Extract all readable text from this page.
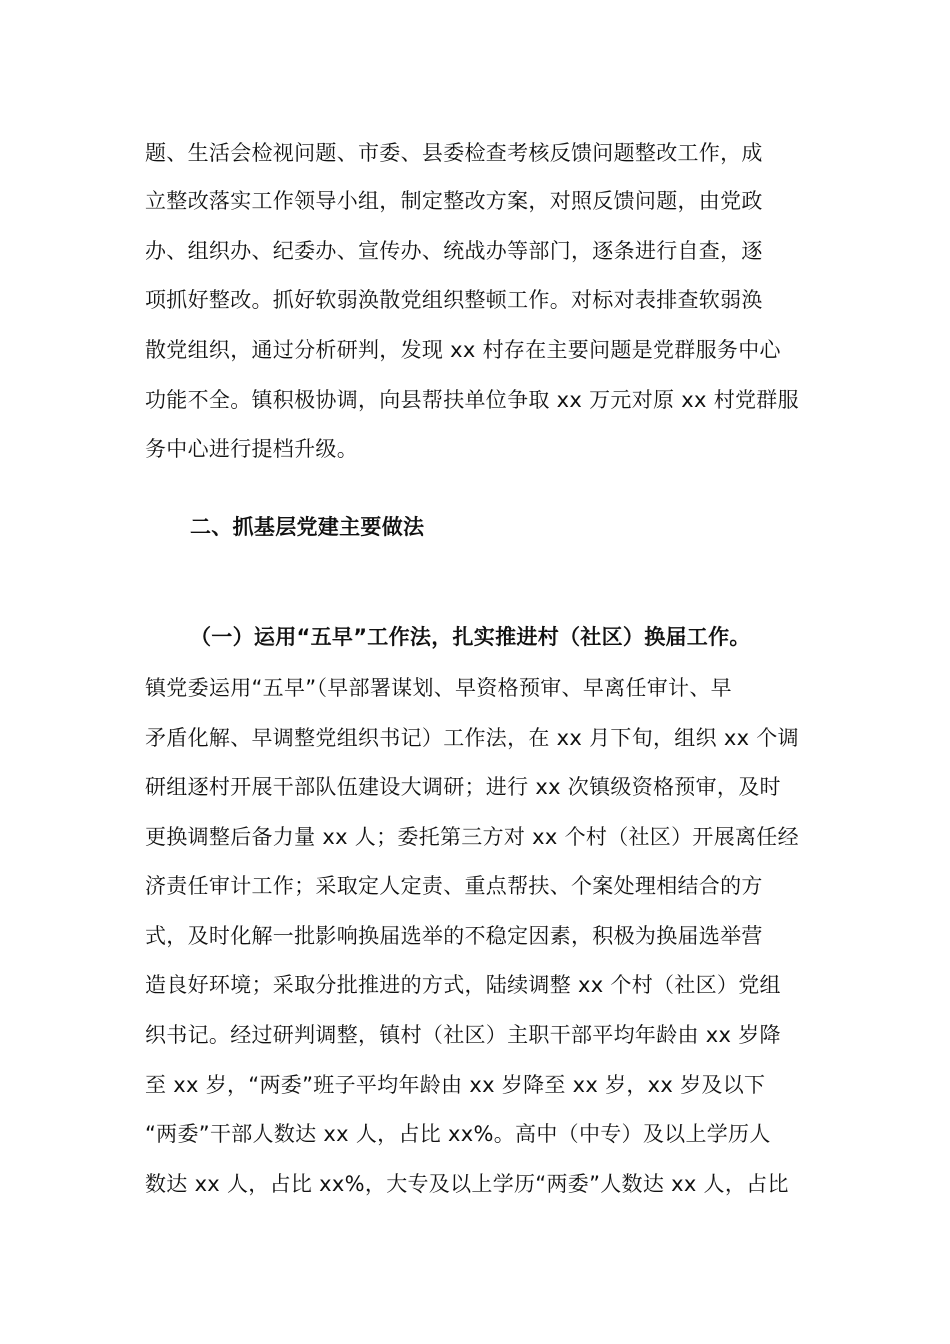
题、生活会检视问题、市委、县委检查考核反馈问题整改工作，成
立整改落实工作领导小组，制定整改方案，对照反馈问题，由党政
办、组织办、纪委办、宣传办、统战办等部门，逐条进行自查，逐
项抓好整改。抓好软弱涣散党组织整顿工作。对标对表排查软弱涣
散党组织，通过分析研判，发现 xx 村存在主要问题是党群服务中心
功能不全。镇积极协调，向县帮扶单位争取 xx 万元对原 xx 村党群服
务中心进行提档升级。
二、抓基层党建主要做法
（一）运用“五早”工作法，扎实推进村（社区）换届工作。
镇党委运用“五早”（早部署谋划、早资格预审、早离任审计、早
矛盾化解、早调整党组织书记）工作法，在 xx 月下旬，组织 xx 个调
研组逐村开展干部队伍建设大调研；进行 xx 次镇级资格预审，及时
更换调整后备力量 xx 人；委托第三方对 xx 个村（社区）开展离任经
济责任审计工作；采取定人定责、重点帮扶、个案处理相结合的方
式，及时化解一批影响换届选举的不稳定因素，积极为换届选举营
造良好环境；采取分批推进的方式，陆续调整 xx 个村（社区）党组
织书记。经过研判调整，镇村（社区）主职干部平均年龄由 xx 岁降
至 xx 岁，“两委”班子平均年龄由 xx 岁降至 xx 岁，xx 岁及以下
“两委”干部人数达 xx 人，占比 xx%。高中（中专）及以上学历人
数达 xx 人，占比 xx%，大专及以上学历“两委”人数达 xx 人，占比
